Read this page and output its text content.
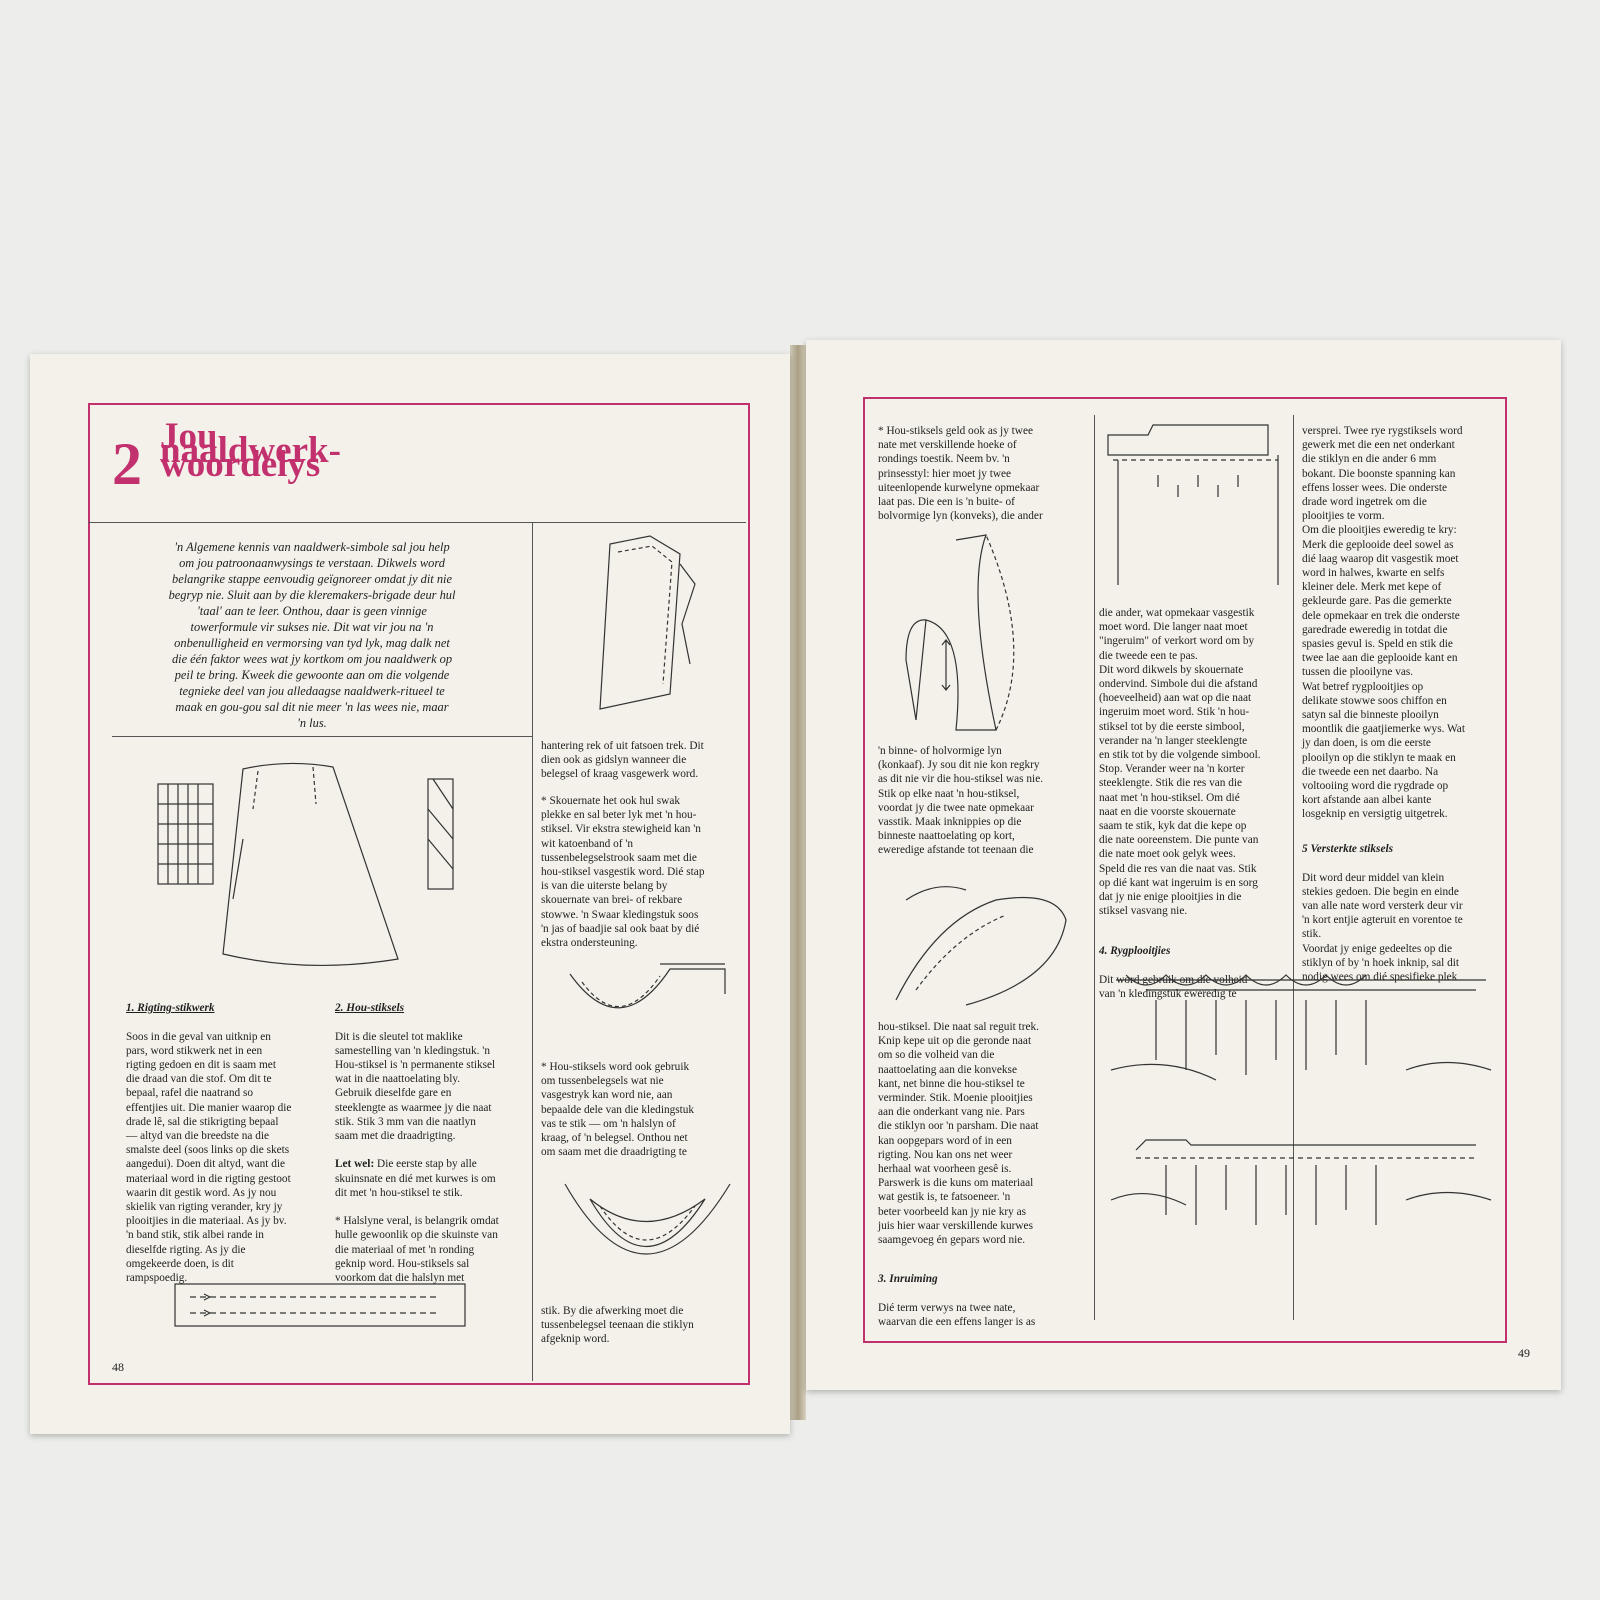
2 Jou naaldwerk-woordelys
'n Algemene kennis van naaldwerk-simbole sal jou help
om jou patroonaanwysings te verstaan. Dikwels word
belangrike stappe eenvoudig geïgnoreer omdat jy dit nie
begryp nie. Sluit aan by die kleremakers-brigade deur hul
'taal' aan te leer. Onthou, daar is geen vinnige
towerformule vir sukses nie. Dit wat vir jou na 'n
onbenulligheid en vermorsing van tyd lyk, mag dalk net
die één faktor wees wat jy kortkom om jou naaldwerk op
peil te bring. Kweek die gewoonte aan om die volgende
tegnieke deel van jou alledaagse naaldwerk-ritueel te
maak en gou-gou sal dit nie meer 'n las wees nie, maar
'n lus.

1. Rigting-stikwerk

Soos in die geval van uitknip en
pars, word stikwerk net in een
rigting gedoen en dit is saam met
die draad van die stof. Om dit te
bepaal, rafel die naatrand so
effentjies uit. Die manier waarop die
drade lê, sal die stikrigting bepaal
— altyd van die breedste na die
smalste deel (soos links op die skets
aangedui). Doen dit altyd, want die
materiaal word in die rigting gestoot
waarin dit gestik word. As jy nou
skielik van rigting verander, kry jy
plooitjies in die materiaal. As jy bv.
'n band stik, stik albei rande in
dieselfde rigting. As jy die
omgekeerde doen, is dit
rampspoedig.

2. Hou-stiksels

Dit is die sleutel tot maklike
samestelling van 'n kledingstuk. 'n
Hou-stiksel is 'n permanente stiksel
wat in die naattoelating bly.
Gebruik dieselfde gare en
steeklengte as waarmee jy die naat
stik. Stik 3 mm van die naatlyn
saam met die draadrigting.

Let wel: Die eerste stap by alle
skuinsnate en dié met kurwes is om
dit met 'n hou-stiksel te stik.

* Halslyne veral, is belangrik omdat
hulle gewoonlik op die skuinste van
die materiaal of met 'n ronding
geknip word. Hou-stiksels sal
voorkom dat die halslyn met

hantering rek of uit fatsoen trek. Dit
dien ook as gidslyn wanneer die
belegsel of kraag vasgewerk word.
* Skouernate het ook hul swak
plekke en sal beter lyk met 'n hou-
stiksel. Vir ekstra stewigheid kan 'n
wit katoenband of 'n
tussenbelegselstrook saam met die
hou-stiksel vasgestik word. Dié stap
is van die uiterste belang by
skouernate van brei- of rekbare
stowwe. 'n Swaar kledingstuk soos
'n jas of baadjie sal ook baat by dié
ekstra ondersteuning.
* Hou-stiksels word ook gebruik
om tussenbelegsels wat nie
vasgestryk kan word nie, aan
bepaalde dele van die kledingstuk
vas te stik — om 'n halslyn of
kraag, of 'n belegsel. Onthou net
om saam met die draadrigting te
stik. By die afwerking moet die
tussenbelegsel teenaan die stiklyn
afgeknip word.
48
* Hou-stiksels geld ook as jy twee
nate met verskillende hoeke of
rondings toestik. Neem bv. 'n
prinsesstyl: hier moet jy twee
uiteenlopende kurwelyne opmekaar
laat pas. Die een is 'n buite- of
bolvormige lyn (konveks), die ander
'n binne- of holvormige lyn
(konkaaf). Jy sou dit nie kon regkry
as dit nie vir die hou-stiksel was nie.
Stik op elke naat 'n hou-stiksel,
voordat jy die twee nate opmekaar
vasstik. Maak inknippies op die
binneste naattoelating op kort,
eweredige afstande tot teenaan die
hou-stiksel. Die naat sal reguit trek.
Knip kepe uit op die geronde naat
om so die volheid van die
naattoelating aan die konvekse
kant, net binne die hou-stiksel te
verminder. Stik. Moenie plooitjies
aan die onderkant vang nie. Pars
die stiklyn oor 'n parsham. Die naat
kan oopgepars word of in een
rigting. Nou kan ons net weer
herhaal wat voorheen gesê is.
Parswerk is die kuns om materiaal
wat gestik is, te fatsoeneer. 'n
beter voorbeeld kan jy nie kry as
juis hier waar verskillende kurwes
saamgevoeg én gepars word nie.

3. Inruiming

Dié term verwys na twee nate,
waarvan die een effens langer is as

die ander, wat opmekaar vasgestik
moet word. Die langer naat moet
"ingeruim" of verkort word om by
die tweede een te pas.
Dit word dikwels by skouernate
ondervind. Simbole dui die afstand
(hoeveelheid) aan wat op die naat
ingeruim moet word. Stik 'n hou-
stiksel tot by die eerste simbool,
verander na 'n langer steeklengte
en stik tot by die volgende simbool.
Stop. Verander weer na 'n korter
steeklengte. Stik die res van die
naat met 'n hou-stiksel. Om dié
naat en die voorste skouernate
saam te stik, kyk dat die kepe op
die nate ooreenstem. Die punte van
die nate moet ook gelyk wees.
Speld die res van die naat vas. Stik
op dié kant wat ingeruim is en sorg
dat jy nie enige plooitjies in die
stiksel vasvang nie.

4. Rygplooitjies

Dit word gebruik om die volheid
van 'n kledingstuk eweredig te

versprei. Twee rye rygstiksels word
gewerk met die een net onderkant
die stiklyn en die ander 6 mm
bokant. Die boonste spanning kan
effens losser wees. Die onderste
drade word ingetrek om die
plooitjies te vorm.
Om die plooitjies eweredig te kry:
Merk die geplooide deel sowel as
dié laag waarop dit vasgestik moet
word in halwes, kwarte en selfs
kleiner dele. Merk met kepe of
gekleurde gare. Pas die gemerkte
dele opmekaar en trek die onderste
garedrade eweredig in totdat die
spasies gevul is. Speld en stik die
twee lae aan die geplooide kant en
tussen die plooilyne vas.
Wat betref rygplooitjies op
delikate stowwe soos chiffon en
satyn sal die binneste plooilyn
moontlik die gaatjiemerke wys. Wat
jy dan doen, is om die eerste
plooilyn op die stiklyn te maak en
die tweede een net daarbo. Na
voltooiing word die rygdrade op
kort afstande aan albei kante
losgeknip en versigtig uitgetrek.

5 Versterkte stiksels

Dit word deur middel van klein
stekies gedoen. Die begin en einde
van alle nate word versterk deur vir
'n kort entjie agteruit en vorentoe te
stik.
Voordat jy enige gedeeltes op die
stiklyn of by 'n hoek inknip, sal dit
nodig wees om dié spesifieke plek

49
